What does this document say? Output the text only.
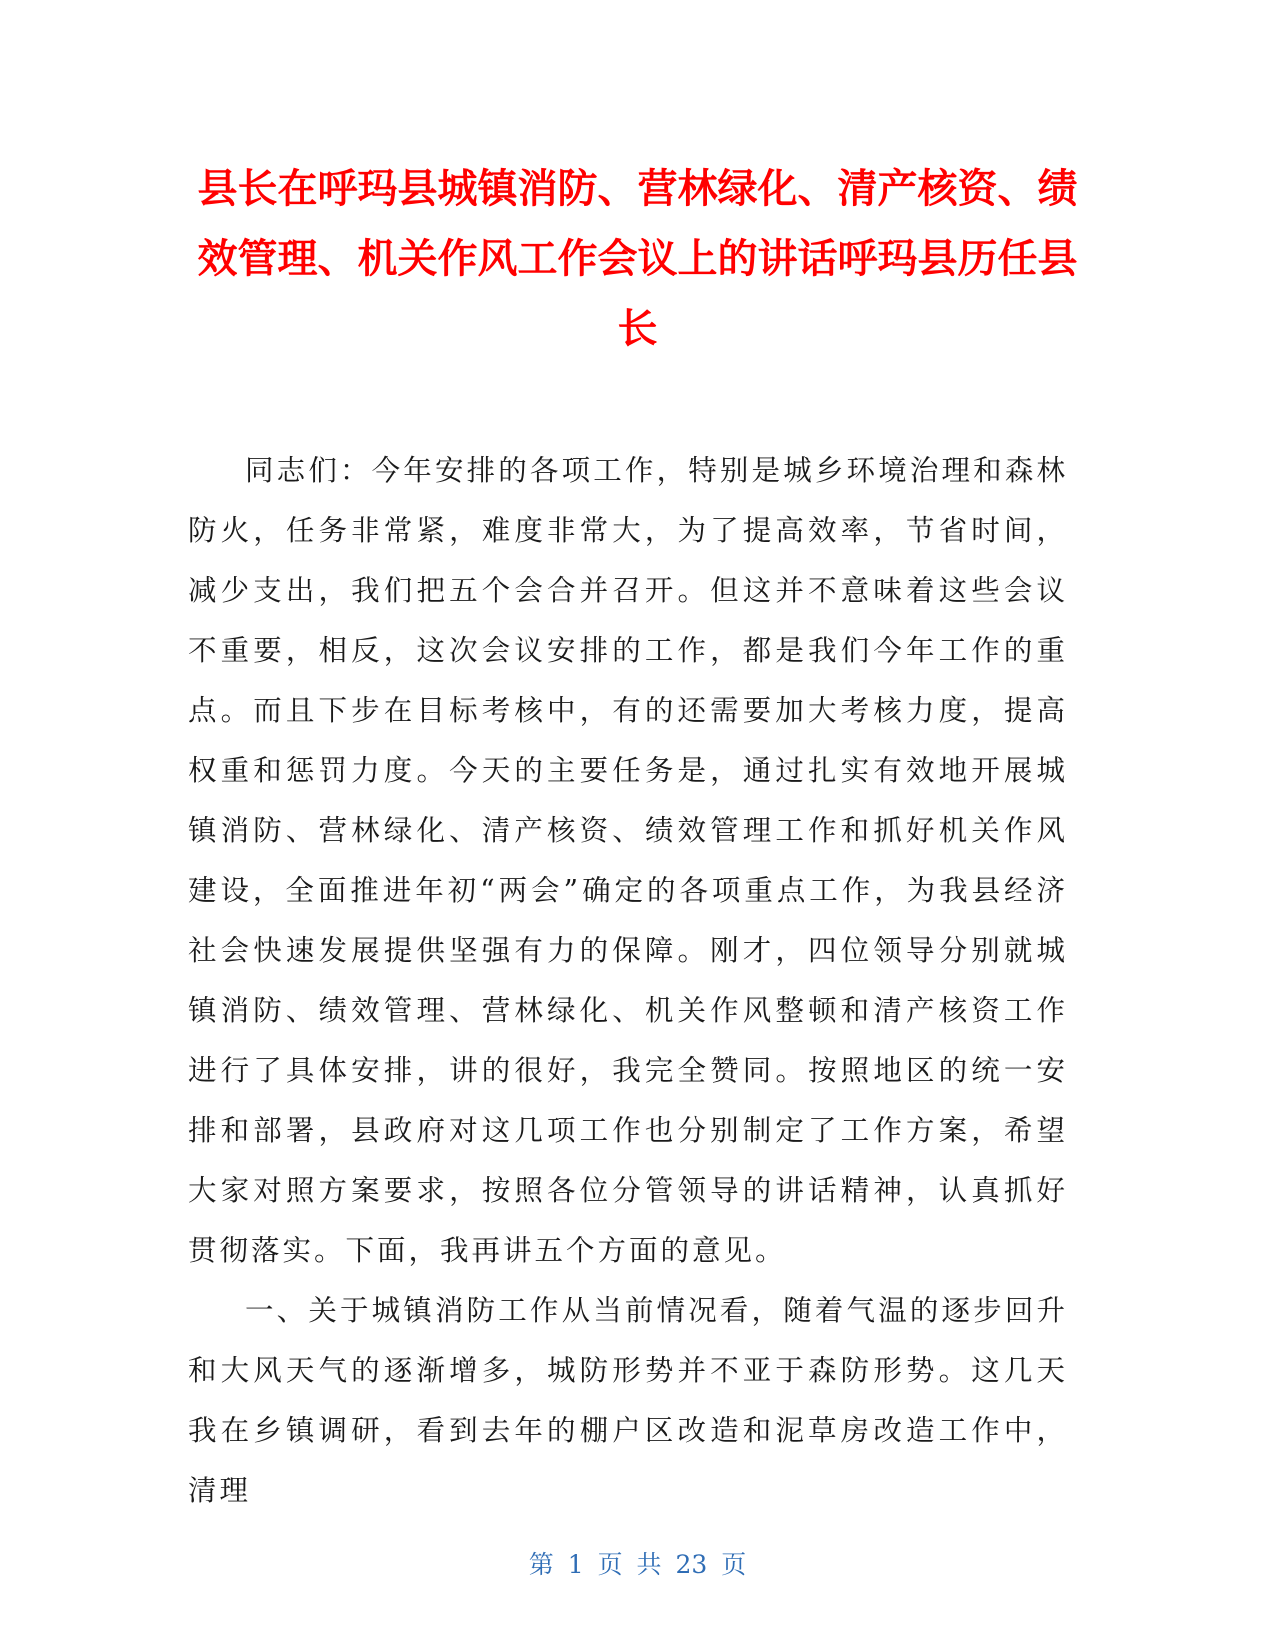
县长在呼玛县城镇消防、营林绿化、清产核资、绩效管理、机关作风工作会议上的讲话呼玛县历任县长

同志们：今年安排的各项工作，特别是城乡环境治理和森林防火，任务非常紧，难度非常大，为了提高效率，节省时间，减少支出，我们把五个会合并召开。但这并不意味着这些会议不重要，相反，这次会议安排的工作，都是我们今年工作的重点。而且下步在目标考核中，有的还需要加大考核力度，提高权重和惩罚力度。今天的主要任务是，通过扎实有效地开展城镇消防、营林绿化、清产核资、绩效管理工作和抓好机关作风建设，全面推进年初“两会”确定的各项重点工作，为我县经济社会快速发展提供坚强有力的保障。刚才，四位领导分别就城镇消防、绩效管理、营林绿化、机关作风整顿和清产核资工作进行了具体安排，讲的很好，我完全赞同。按照地区的统一安排和部署，县政府对这几项工作也分别制定了工作方案，希望大家对照方案要求，按照各位分管领导的讲话精神，认真抓好贯彻落实。下面，我再讲五个方面的意见。

一、关于城镇消防工作从当前情况看，随着气温的逐步回升和大风天气的逐渐增多，城防形势并不亚于森防形势。这几天我在乡镇调研，看到去年的棚户区改造和泥草房改造工作中，清理

第 1 页 共 23 页
